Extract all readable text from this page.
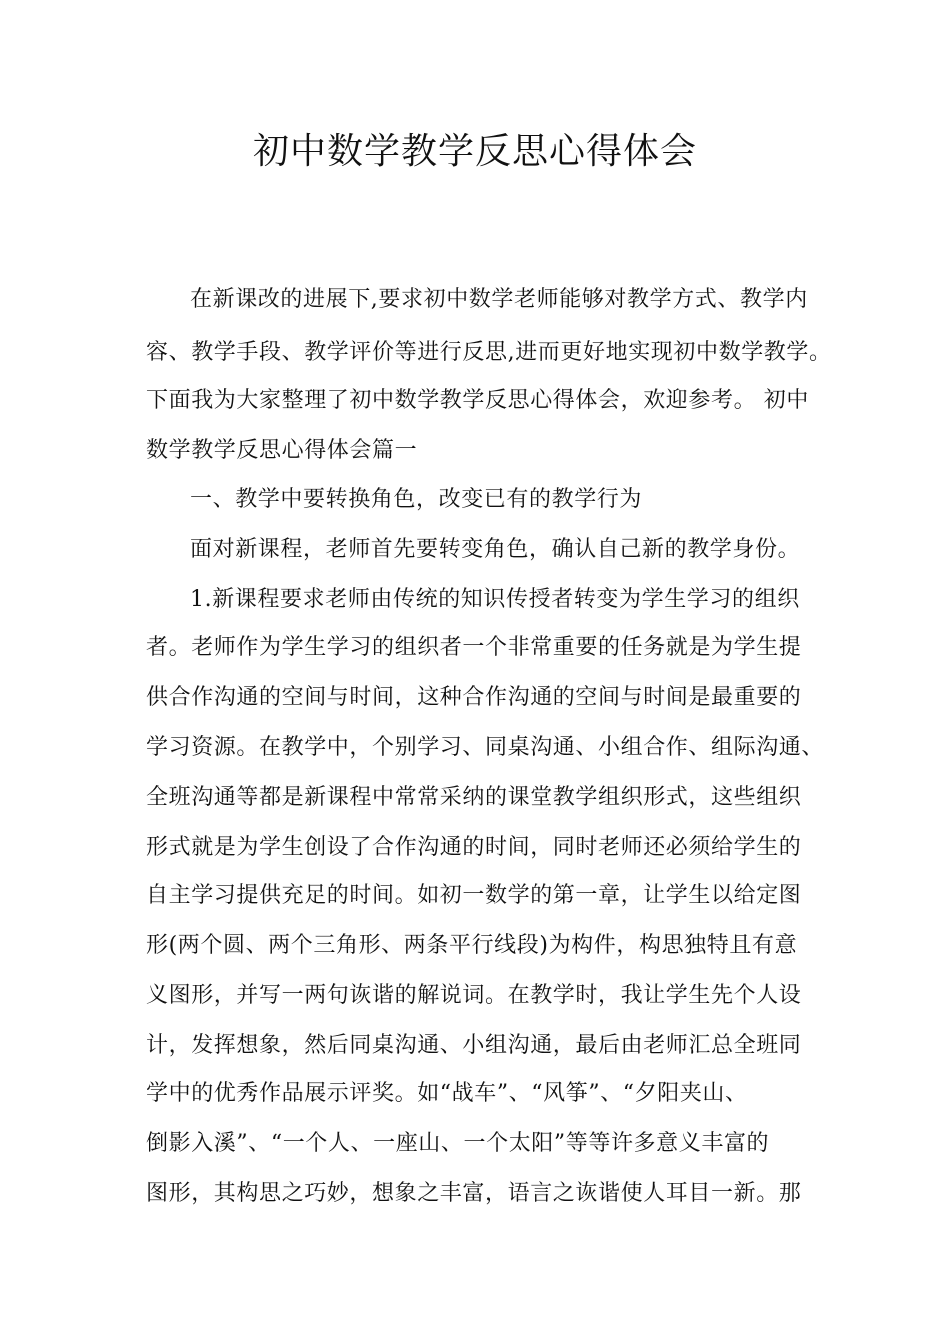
初中数学教学反思心得体会
在新课改的进展下,要求初中数学老师能够对教学方式、教学内
容、教学手段、教学评价等进行反思,进而更好地实现初中数学教学。
下面我为大家整理了初中数学教学反思心得体会，欢迎参考。 初中
数学教学反思心得体会篇一
一、教学中要转换角色，改变已有的教学行为
面对新课程，老师首先要转变角色，确认自己新的教学身份。
1.新课程要求老师由传统的知识传授者转变为学生学习的组织
者。老师作为学生学习的组织者一个非常重要的任务就是为学生提
供合作沟通的空间与时间，这种合作沟通的空间与时间是最重要的
学习资源。在教学中，个别学习、同桌沟通、小组合作、组际沟通、
全班沟通等都是新课程中常常采纳的课堂教学组织形式，这些组织
形式就是为学生创设了合作沟通的时间，同时老师还必须给学生的
自主学习提供充足的时间。如初一数学的第一章，让学生以给定图
形(两个圆、两个三角形、两条平行线段)为构件，构思独特且有意
义图形，并写一两句诙谐的解说词。在教学时，我让学生先个人设
计，发挥想象，然后同桌沟通、小组沟通，最后由老师汇总全班同
学中的优秀作品展示评奖。如“战车”、“风筝”、“夕阳夹山、
倒影入溪”、“一个人、一座山、一个太阳”等等许多意义丰富的
图形，其构思之巧妙，想象之丰富，语言之诙谐使人耳目一新。那
